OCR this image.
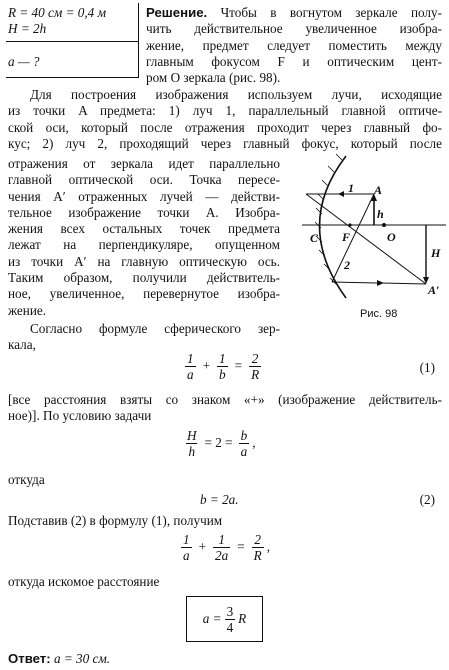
R = 40 см = 0,4 м
H = 2h
a — ?
Решение. Чтобы в вогнутом зеркале полу-
чить действительное увеличенное изобра-
жение, предмет следует поместить между
главным фокусом F и оптическим цент-
ром O зеркала (рис. 98).
Для построения изображения используем лучи, исходящие
из точки A предмета: 1) луч 1, параллельный главной оптиче-
ской оси, который после отражения проходит через главный фо-
кус; 2) луч 2, проходящий через главный фокус, который после
отражения от зеркала идет параллельно
главной оптической оси. Точка пересе-
чения A′ отраженных лучей — действи-
тельное изображение точки A. Изобра-
жения всех остальных точек предмета
лежат на перпендикуляре, опущенном
из точки A′ на главную оптическую ось.
Таким образом, получили действитель-
ное, увеличенное, перевернутое изобра-
жение.
Согласно формуле сферического зер-
кала,
A
A′
C F	O
h
H
1
2
Рис. 98
$\frac{1}{a} + \frac{1}{b} = \frac{2}{R}$	(1)
[все расстояния взяты со знаком «+» (изображение действитель-
ное)]. По условию задачи
$\frac{H}{h} = 2 = \frac{b}{a}$ ,
откуда
b = 2a.	(2)
Подставив (2) в формулу (1), получим
$\frac{1}{a} + \frac{1}{2a} = \frac{2}{R}$ ,
откуда искомое расстояние
$a = \frac{3}{4}$ R
Ответ: a = 30 см.
